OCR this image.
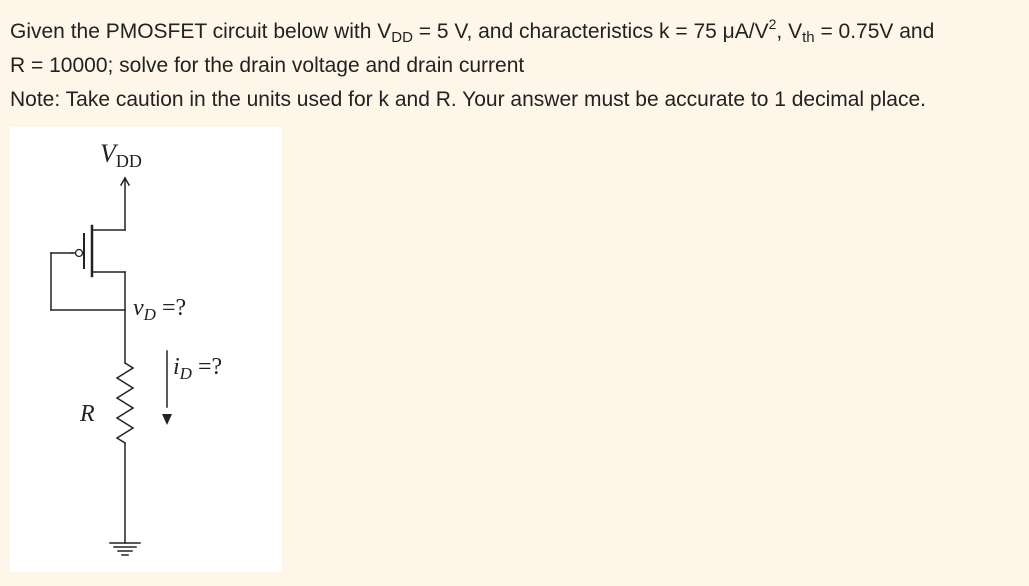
Given the PMOSFET circuit below with $V_{DD} = 5$ V, and characteristics k = 75 $\mu A/V^2$, $V_{th} = 0.75V$ and

R = 10000; solve for the drain voltage and drain current

Note: Take caution in the units used for k and R. Your answer must be accurate to 1 decimal place.

VDD
$v_D$ =?
$i_D$ =?
R
